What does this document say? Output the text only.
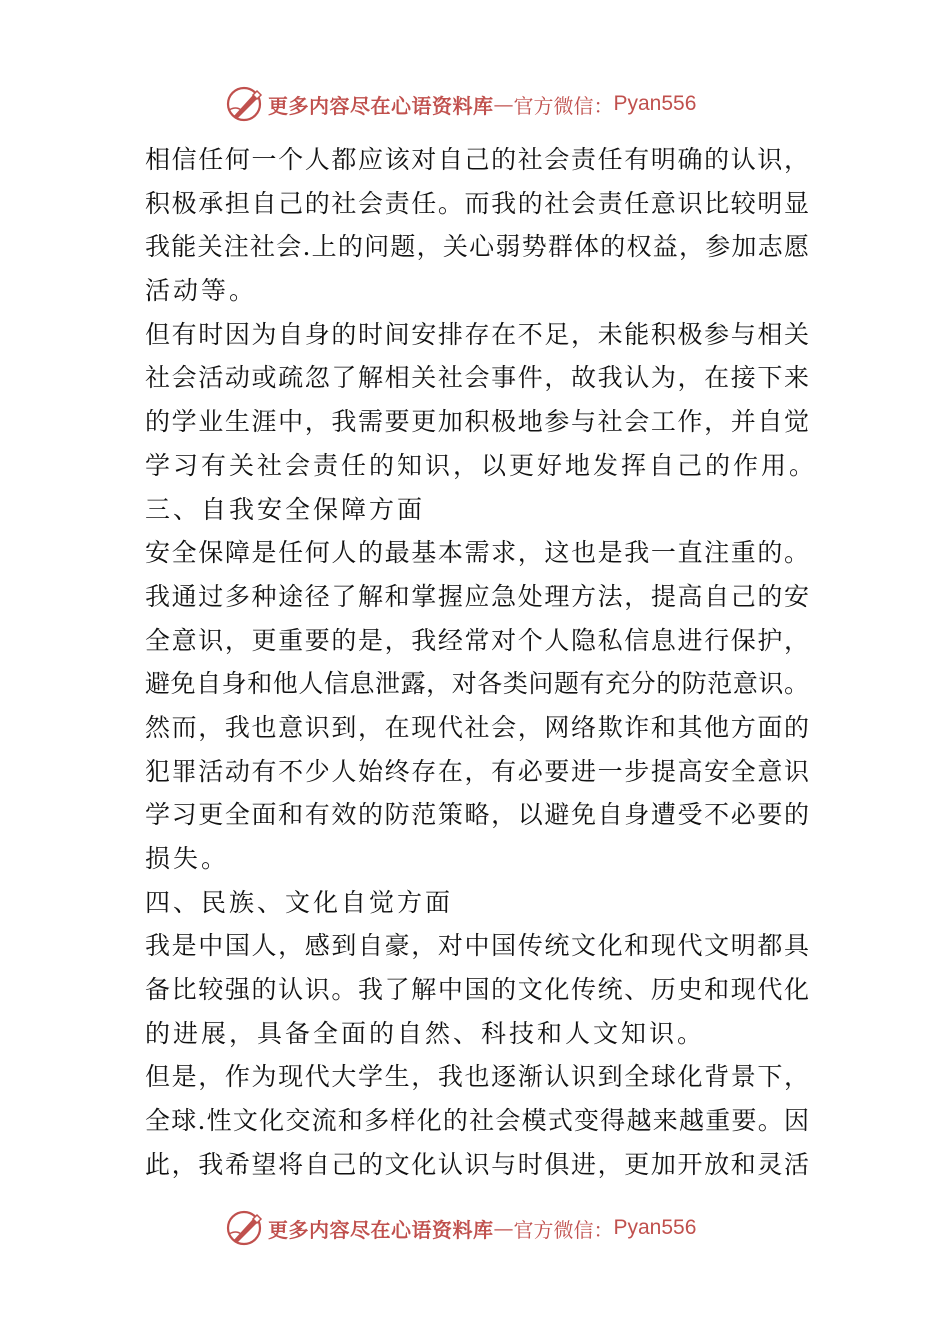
更多内容尽在心语资料库 — 官方微信： Pyan556
相信任何一个人都应该对自己的社会责任有明确的认识，
积极承担自己的社会责任。而我的社会责任意识比较明显
我能关注社会.上的问题，关心弱势群体的权益，参加志愿
活动等。
但有时因为自身的时间安排存在不足，未能积极参与相关
社会活动或疏忽了解相关社会事件，故我认为，在接下来
的学业生涯中，我需要更加积极地参与社会工作，并自觉
学习有关社会责任的知识，以更好地发挥自己的作用。
三、自我安全保障方面
安全保障是任何人的最基本需求，这也是我一直注重的。
我通过多种途径了解和掌握应急处理方法，提高自己的安
全意识，更重要的是，我经常对个人隐私信息进行保护，
避免自身和他人信息泄露，对各类问题有充分的防范意识。
然而，我也意识到，在现代社会，网络欺诈和其他方面的
犯罪活动有不少人始终存在，有必要进一步提高安全意识
学习更全面和有效的防范策略，以避免自身遭受不必要的
损失。
四、民族、文化自觉方面
我是中国人，感到自豪，对中国传统文化和现代文明都具
备比较强的认识。我了解中国的文化传统、历史和现代化
的进展，具备全面的自然、科技和人文知识。
但是，作为现代大学生，我也逐渐认识到全球化背景下，
全球.性文化交流和多样化的社会模式变得越来越重要。因
此，我希望将自己的文化认识与时俱进，更加开放和灵活
更多内容尽在心语资料库 — 官方微信： Pyan556
